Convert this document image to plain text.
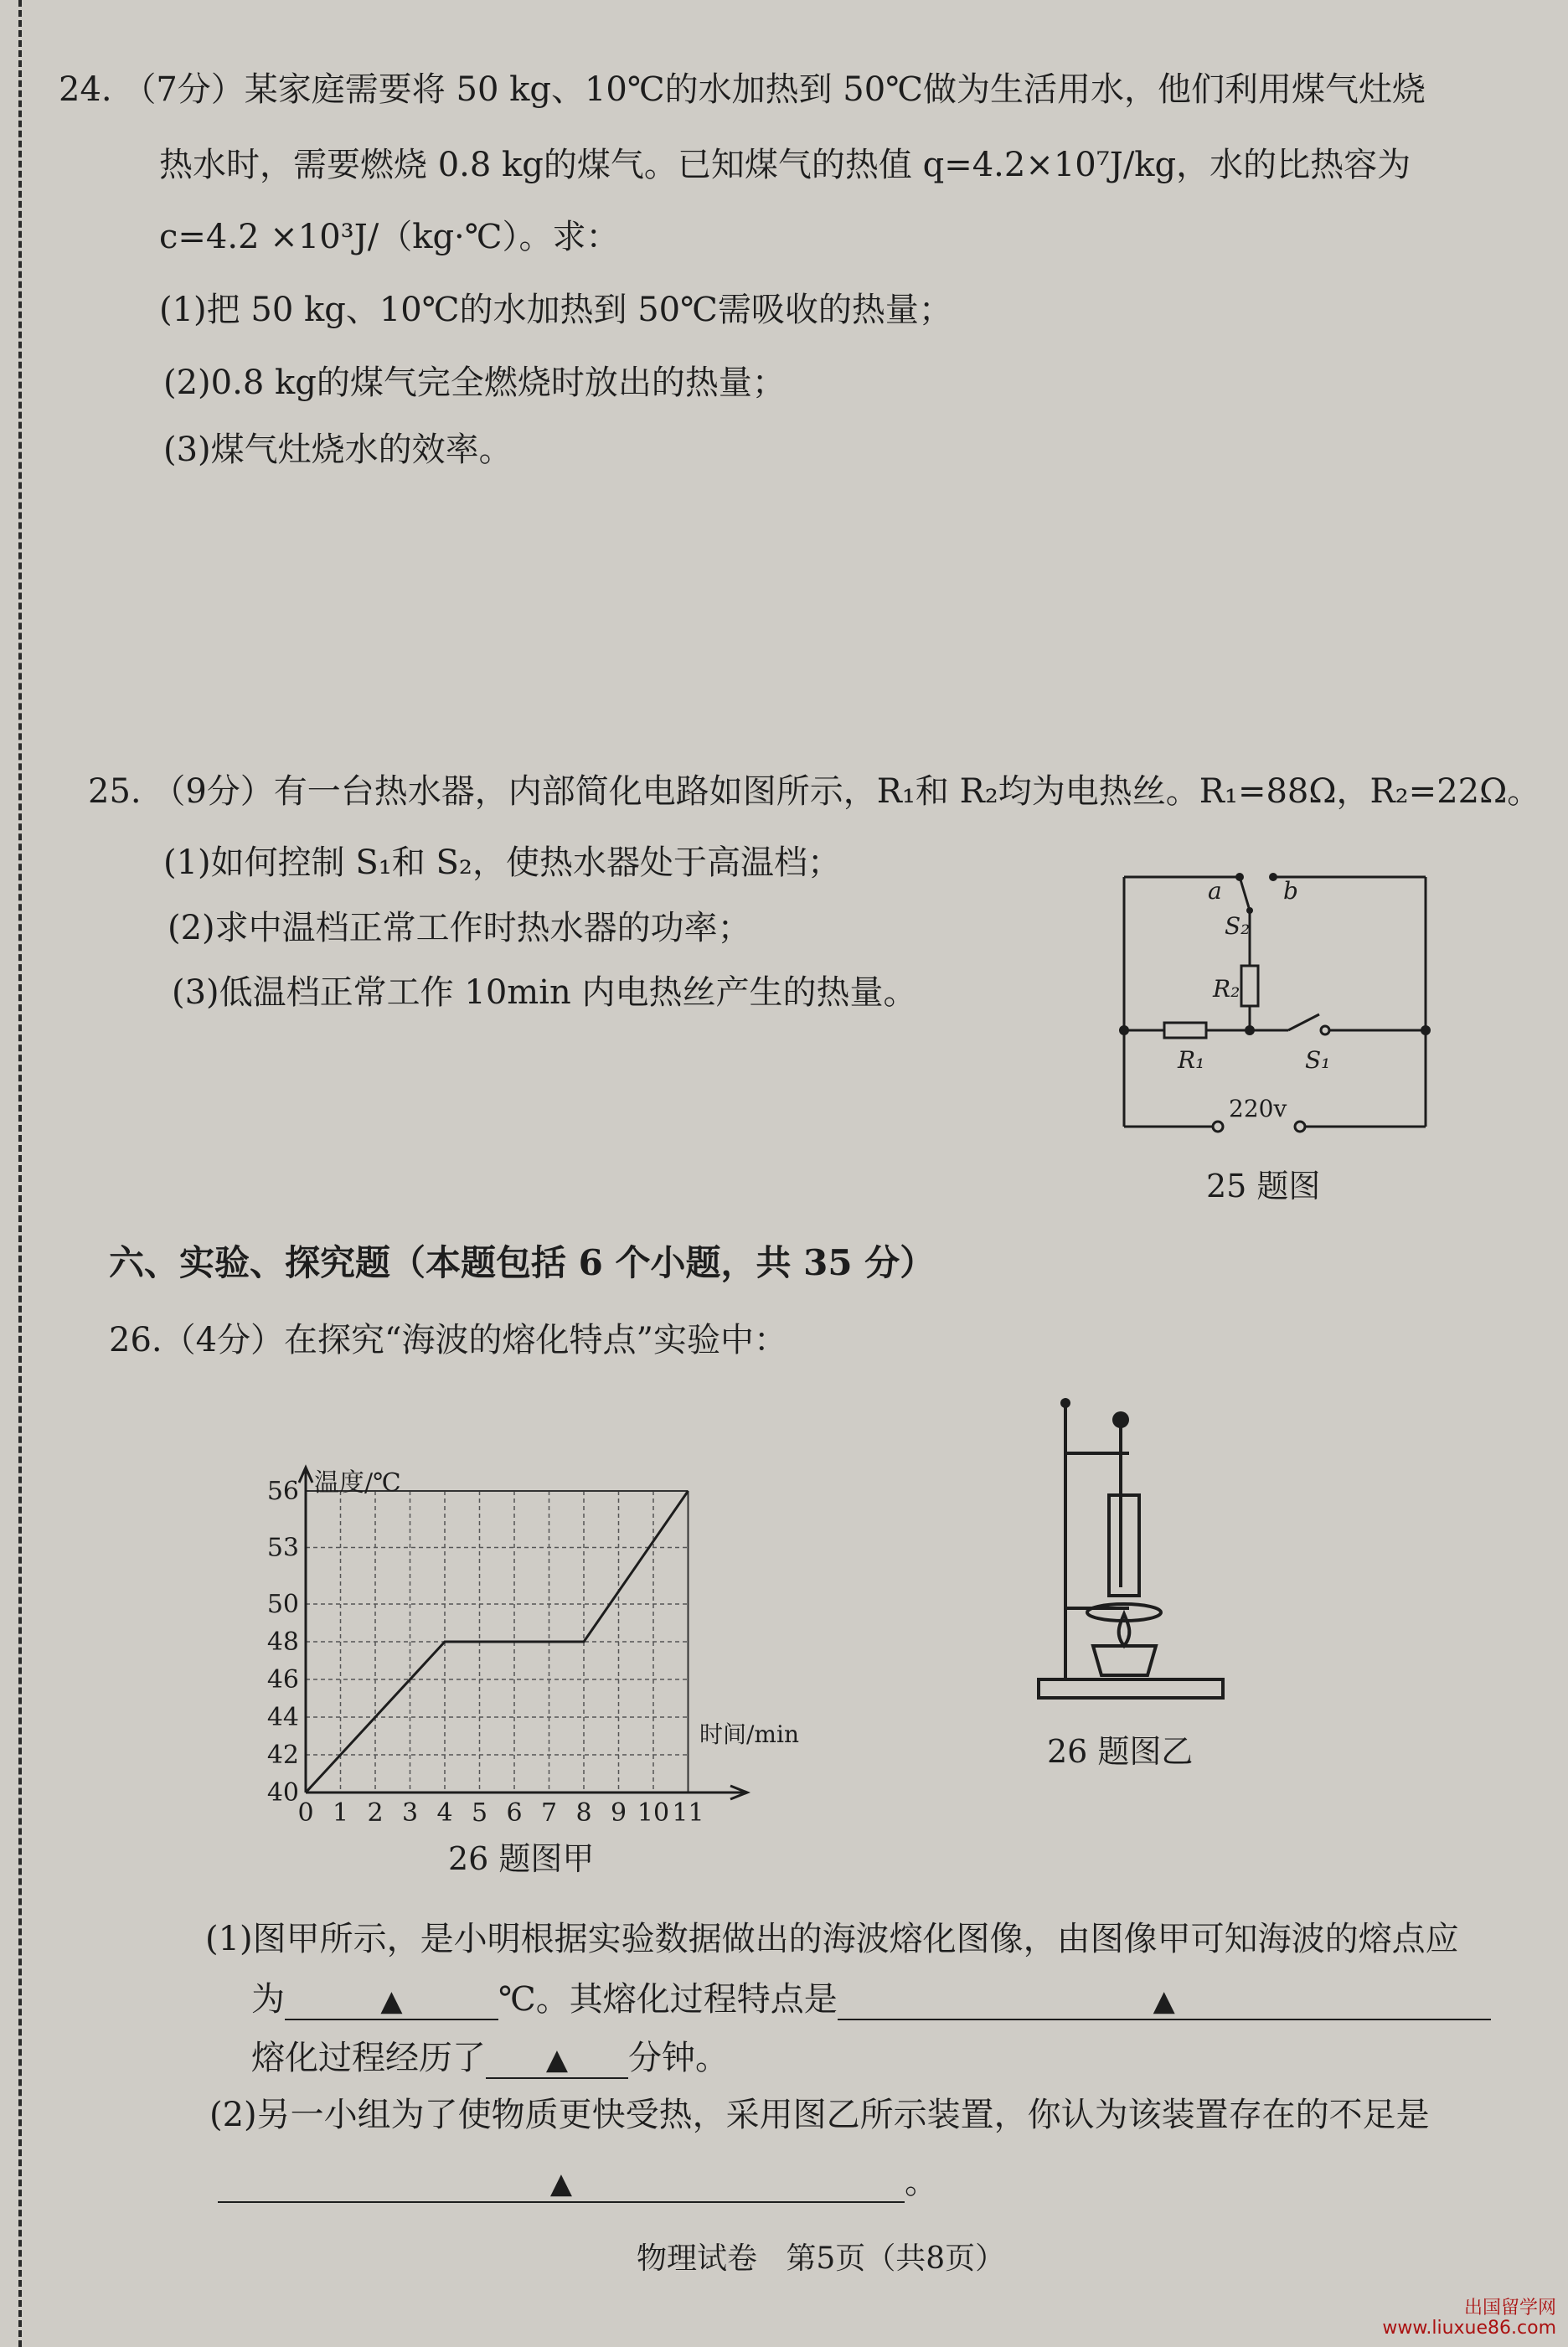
24. （7分）某家庭需要将 50 kg、10℃的水加热到 50℃做为生活用水，他们利用煤气灶烧
热水时，需要燃烧 0.8 kg的煤气。已知煤气的热值 q=4.2×10⁷J/kg，水的比热容为
c=4.2 ×10³J/（kg·℃）。求：
(1)把 50 kg、10℃的水加热到 50℃需吸收的热量；
(2)0.8 kg的煤气完全燃烧时放出的热量；
(3)煤气灶烧水的效率。
25. （9分）有一台热水器，内部简化电路如图所示，R₁和 R₂均为电热丝。R₁=88Ω，R₂=22Ω。
(1)如何控制 S₁和 S₂，使热水器处于高温档；
(2)求中温档正常工作时热水器的功率；
(3)低温档正常工作 10min 内电热丝产生的热量。
a	b
S₂
R₂
R₁	S₁
220v
25 题图
六、实验、探究题（本题包括 6 个小题，共 35 分）
26.（4分）在探究“海波的熔化特点”实验中：
40
42
44
46
48
50
53
56
0 1 2 3 4 5 6 7 8 9 10 11
温度/℃
时间/min
26 题图甲
26 题图乙
(1)图甲所示，是小明根据实验数据做出的海波熔化图像，由图像甲可知海波的熔点应
为	▲	℃。其熔化过程特点是	▲
熔化过程经历了 ▲ 分钟。
(2)另一小组为了使物质更快受热，采用图乙所示装置，你认为该装置存在的不足是
▲	。
物理试卷 第5页（共8页）
出国留学网
www.liuxue86.com
